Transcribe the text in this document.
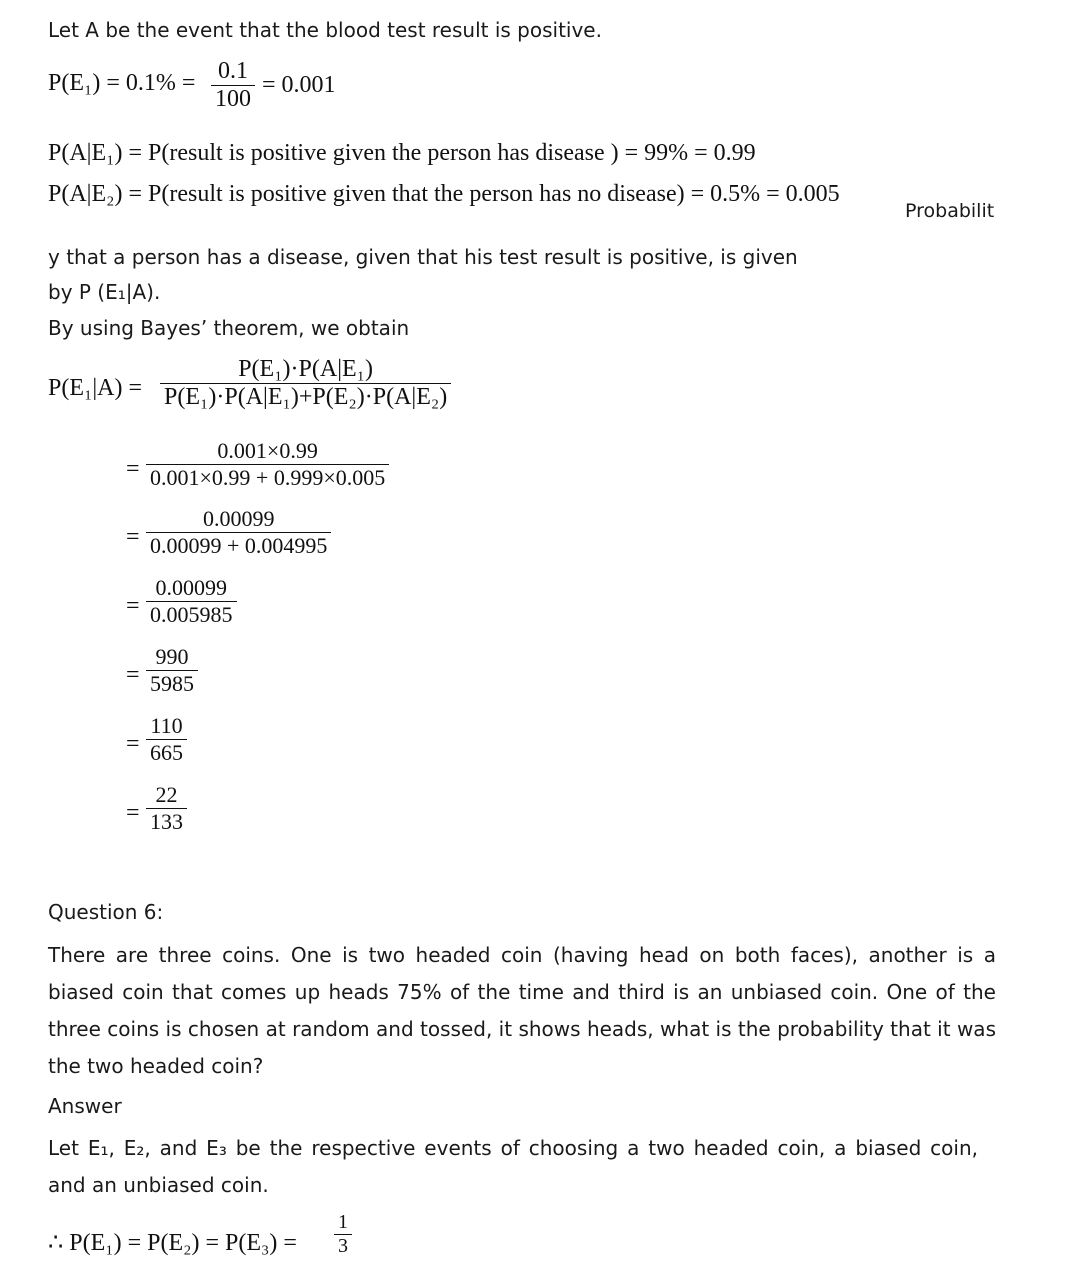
Let A be the event that the blood test result is positive.
P(E₁) = 0.1% = 0.1
100
= 0.001
P(A|E₁) = P(result is positive given the person has disease ) = 99% = 0.99
P(A|E₂) = P(result is positive given that the person has no disease) = 0.5% = 0.005
Probabilit
y that a person has a disease, given that his test result is positive, is given
by P (E₁|A).
By using Bayes’ theorem, we obtain
P(E₁|A) =
P(E₁)·P(A|E₁)
P(E₁)·P(A|E₁)+P(E₂)·P(A|E₂)
=
0.001×0.99
0.001×0.99 + 0.999×0.005
=
0.00099
0.00099 + 0.004995
=
0.00099
0.005985
=
990
5985
=
110
665
=
22
133
Question 6:
There are three coins. One is two headed coin (having head on both faces), another is a biased coin that comes up heads 75% of the time and third is an unbiased coin. One of the three coins is chosen at random and tossed, it shows heads, what is the probability that it was the two headed coin?
Answer
Let E₁, E₂, and E₃ be the respective events of choosing a two headed coin, a biased coin, and an unbiased coin.
∴ P(E₁) = P(E₂) = P(E₃) =
1
3
